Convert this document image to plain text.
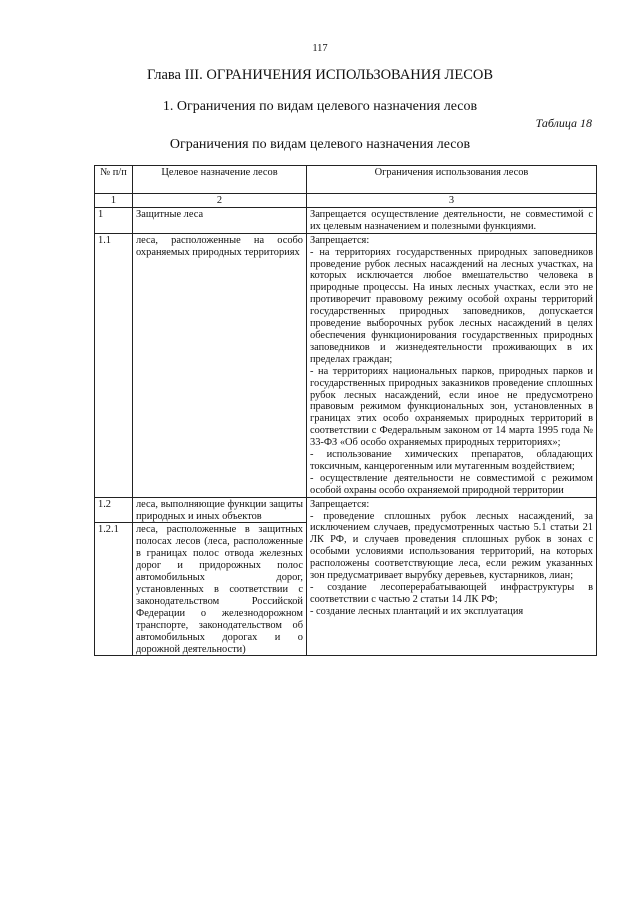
117
Глава III. ОГРАНИЧЕНИЯ ИСПОЛЬЗОВАНИЯ ЛЕСОВ
1. Ограничения по видам целевого назначения лесов
Таблица 18
Ограничения по видам целевого назначения лесов
№ п/п	Целевое назначение лесов	Ограничения использования лесов
1	2	3
1	Защитные леса	Запрещается осуществление деятельности, не совместимой с их целевым назначением и полезными функциями.
1.1	леса, расположенные на особо охраняемых природных территориях	Запрещается:
- на территориях государственных природных заповедников проведение рубок лесных насаждений на лесных участках, на которых исключается любое вмешательство человека в природные процессы. На иных лесных участках, если это не противоречит правовому режиму особой охраны территорий государственных природных заповедников, допускается проведение выборочных рубок лесных насаждений в целях обеспечения функционирования государственных природных заповедников и жизнедеятельности проживающих в их пределах граждан;
- на территориях национальных парков, природных парков и государственных природных заказников проведение сплошных рубок лесных насаждений, если иное не предусмотрено правовым режимом функциональных зон, установленных в границах этих особо охраняемых природных территорий в соответствии с Федеральным законом от 14 марта 1995 года № 33-ФЗ «Об особо охраняемых природных территориях»;
- использование химических препаратов, обладающих токсичным, канцерогенным или мутагенным воздействием;
- осуществление деятельности не совместимой с режимом особой охраны особо охраняемой природной территории
1.2	леса, выполняющие функции защиты природных и иных объектов	Запрещается:
- проведение сплошных рубок лесных насаждений, за исключением случаев, предусмотренных частью 5.1 статьи 21 ЛК РФ, и случаев проведения сплошных рубок в зонах с особыми условиями использования территорий, на которых расположены соответствующие леса, если режим указанных зон предусматривает вырубку деревьев, кустарников, лиан;
- создание лесоперерабатывающей инфраструктуры в соответствии с частью 2 статьи 14 ЛК РФ;
- создание лесных плантаций и их эксплуатация
1.2.1	леса, расположенные в защитных полосах лесов (леса, расположенные в границах полос отвода железных дорог и придорожных полос автомобильных дорог, установленных в соответствии с законодательством Российской Федерации о железнодорожном транспорте, законодательством об автомобильных дорогах и о дорожной деятельности)	
